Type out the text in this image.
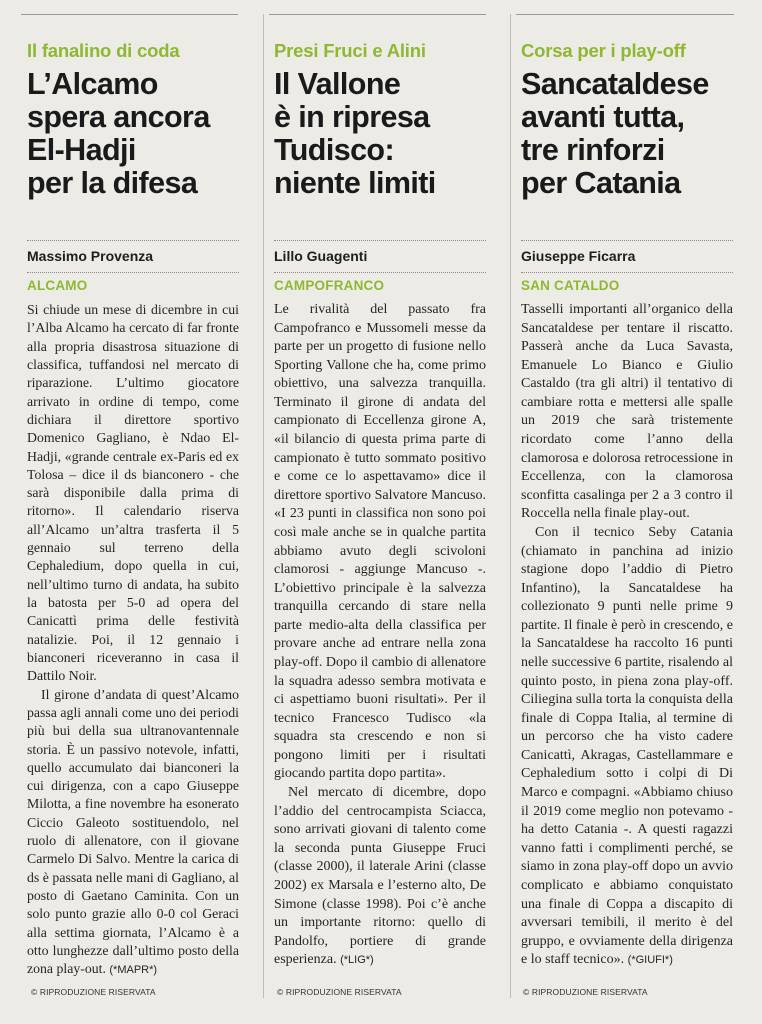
Il fanalino di coda
L’Alcamo
spera ancora
El-Hadji
per la difesa
Massimo Provenza
ALCAMO

Si chiude un mese di dicembre in cui l’Alba Alcamo ha cercato di far fronte alla propria disastrosa situazione di classifica, tuffandosi nel mercato di riparazione. L’ultimo giocatore arrivato in ordine di tempo, come dichiara il direttore sportivo Domenico Gagliano, è Ndao El-Hadji, «grande centrale ex-Paris ed ex Tolosa – dice il ds bianconero - che sarà disponibile dalla prima di ritorno». Il calendario riserva all’Alcamo un’altra trasferta il 5 gennaio sul terreno della Cephaledium, dopo quella in cui, nell’ultimo turno di andata, ha subito la batosta per 5-0 ad opera del Canicattì prima delle festività natalizie. Poi, il 12 gennaio i bianconeri riceveranno in casa il Dattilo Noir.

Il girone d’andata di quest’Alcamo passa agli annali come uno dei periodi più bui della sua ultranovantennale storia. È un passivo notevole, infatti, quello accumulato dai bianconeri la cui dirigenza, con a capo Giuseppe Milotta, a fine novembre ha esonerato Ciccio Galeoto sostituendolo, nel ruolo di allenatore, con il giovane Carmelo Di Salvo. Mentre la carica di ds è passata nelle mani di Gagliano, al posto di Gaetano Caminita. Con un solo punto grazie allo 0-0 col Geraci alla settima giornata, l’Alcamo è a otto lunghezze dall’ultimo posto della zona play-out. (*MAPR*)

Presi Fruci e Alini
Il Vallone
è in ripresa
Tudisco:
niente limiti
Lillo Guagenti
CAMPOFRANCO

Le rivalità del passato fra Campofranco e Mussomeli messe da parte per un progetto di fusione nello Sporting Vallone che ha, come primo obiettivo, una salvezza tranquilla. Terminato il girone di andata del campionato di Eccellenza girone A, «il bilancio di questa prima parte di campionato è tutto sommato positivo e come ce lo aspettavamo» dice il direttore sportivo Salvatore Mancuso. «I 23 punti in classifica non sono poi così male anche se in qualche partita abbiamo avuto degli scivoloni clamorosi - aggiunge Mancuso -. L’obiettivo principale è la salvezza tranquilla cercando di stare nella parte medio-alta della classifica per provare anche ad entrare nella zona play-off. Dopo il cambio di allenatore la squadra adesso sembra motivata e ci aspettiamo buoni risultati». Per il tecnico Francesco Tudisco «la squadra sta crescendo e non si pongono limiti per i risultati giocando partita dopo partita».

Nel mercato di dicembre, dopo l’addio del centrocampista Sciacca, sono arrivati giovani di talento come la seconda punta Giuseppe Fruci (classe 2000), il laterale Arini (classe 2002) ex Marsala e l’esterno alto, De Simone (classe 1998). Poi c’è anche un importante ritorno: quello di Pandolfo, portiere di grande esperienza. (*LIG*)

Corsa per i play-off
Sancataldese
avanti tutta,
tre rinforzi
per Catania
Giuseppe Ficarra
SAN CATALDO

Tasselli importanti all’organico della Sancataldese per tentare il riscatto. Passerà anche da Luca Savasta, Emanuele Lo Bianco e Giulio Castaldo (tra gli altri) il tentativo di cambiare rotta e mettersi alle spalle un 2019 che sarà tristemente ricordato come l’anno della clamorosa e dolorosa retrocessione in Eccellenza, con la clamorosa sconfitta casalinga per 2 a 3 contro il Roccella nella finale play-out.

Con il tecnico Seby Catania (chiamato in panchina ad inizio stagione dopo l’addio di Pietro Infantino), la Sancataldese ha collezionato 9 punti nelle prime 9 partite. Il finale è però in crescendo, e la Sancataldese ha raccolto 16 punti nelle successive 6 partite, risalendo al quinto posto, in piena zona play-off. Ciliegina sulla torta la conquista della finale di Coppa Italia, al termine di un percorso che ha visto cadere Canicattì, Akragas, Castellammare e Cephaledium sotto i colpi di Di Marco e compagni. «Abbiamo chiuso il 2019 come meglio non potevamo - ha detto Catania -. A questi ragazzi vanno fatti i complimenti perché, se siamo in zona play-off dopo un avvio complicato e abbiamo conquistato una finale di Coppa a discapito di avversari temibili, il merito è del gruppo, e ovviamente della dirigenza e lo staff tecnico». (*GIUFI*)

© RIPRODUZIONE RISERVATA	© RIPRODUZIONE RISERVATA	© RIPRODUZIONE RISERVATA
